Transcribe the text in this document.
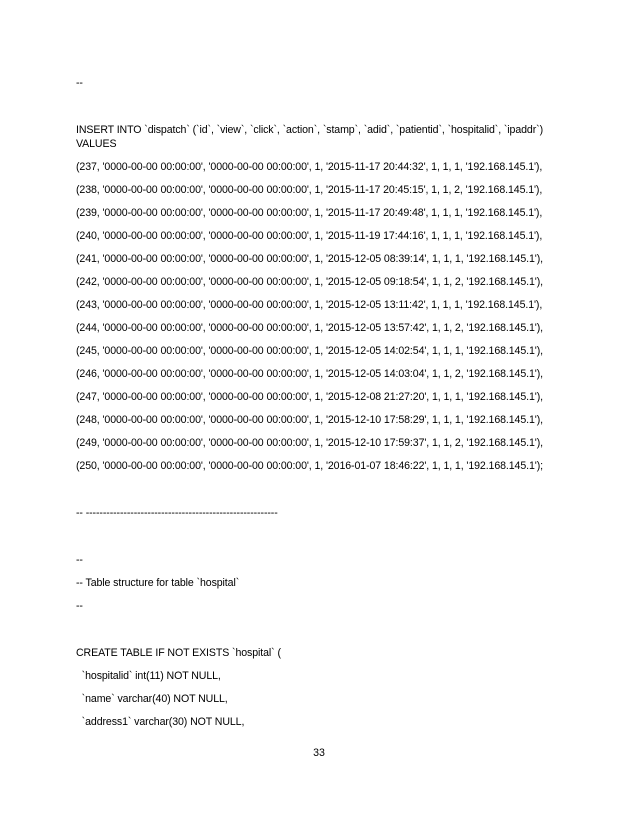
--
INSERT INTO `dispatch` (`id`, `view`, `click`, `action`, `stamp`, `adid`, `patientid`, `hospitalid`, `ipaddr`)
VALUES
(237, '0000-00-00 00:00:00', '0000-00-00 00:00:00', 1, '2015-11-17 20:44:32', 1, 1, 1, '192.168.145.1'),
(238, '0000-00-00 00:00:00', '0000-00-00 00:00:00', 1, '2015-11-17 20:45:15', 1, 1, 2, '192.168.145.1'),
(239, '0000-00-00 00:00:00', '0000-00-00 00:00:00', 1, '2015-11-17 20:49:48', 1, 1, 1, '192.168.145.1'),
(240, '0000-00-00 00:00:00', '0000-00-00 00:00:00', 1, '2015-11-19 17:44:16', 1, 1, 1, '192.168.145.1'),
(241, '0000-00-00 00:00:00', '0000-00-00 00:00:00', 1, '2015-12-05 08:39:14', 1, 1, 1, '192.168.145.1'),
(242, '0000-00-00 00:00:00', '0000-00-00 00:00:00', 1, '2015-12-05 09:18:54', 1, 1, 2, '192.168.145.1'),
(243, '0000-00-00 00:00:00', '0000-00-00 00:00:00', 1, '2015-12-05 13:11:42', 1, 1, 1, '192.168.145.1'),
(244, '0000-00-00 00:00:00', '0000-00-00 00:00:00', 1, '2015-12-05 13:57:42', 1, 1, 2, '192.168.145.1'),
(245, '0000-00-00 00:00:00', '0000-00-00 00:00:00', 1, '2015-12-05 14:02:54', 1, 1, 1, '192.168.145.1'),
(246, '0000-00-00 00:00:00', '0000-00-00 00:00:00', 1, '2015-12-05 14:03:04', 1, 1, 2, '192.168.145.1'),
(247, '0000-00-00 00:00:00', '0000-00-00 00:00:00', 1, '2015-12-08 21:27:20', 1, 1, 1, '192.168.145.1'),
(248, '0000-00-00 00:00:00', '0000-00-00 00:00:00', 1, '2015-12-10 17:58:29', 1, 1, 1, '192.168.145.1'),
(249, '0000-00-00 00:00:00', '0000-00-00 00:00:00', 1, '2015-12-10 17:59:37', 1, 1, 2, '192.168.145.1'),
(250, '0000-00-00 00:00:00', '0000-00-00 00:00:00', 1, '2016-01-07 18:46:22', 1, 1, 1, '192.168.145.1');
-- --------------------------------------------------------
--
-- Table structure for table `hospital`
--
CREATE TABLE IF NOT EXISTS `hospital` (
`hospitalid` int(11) NOT NULL,
`name` varchar(40) NOT NULL,
`address1` varchar(30) NOT NULL,
33
